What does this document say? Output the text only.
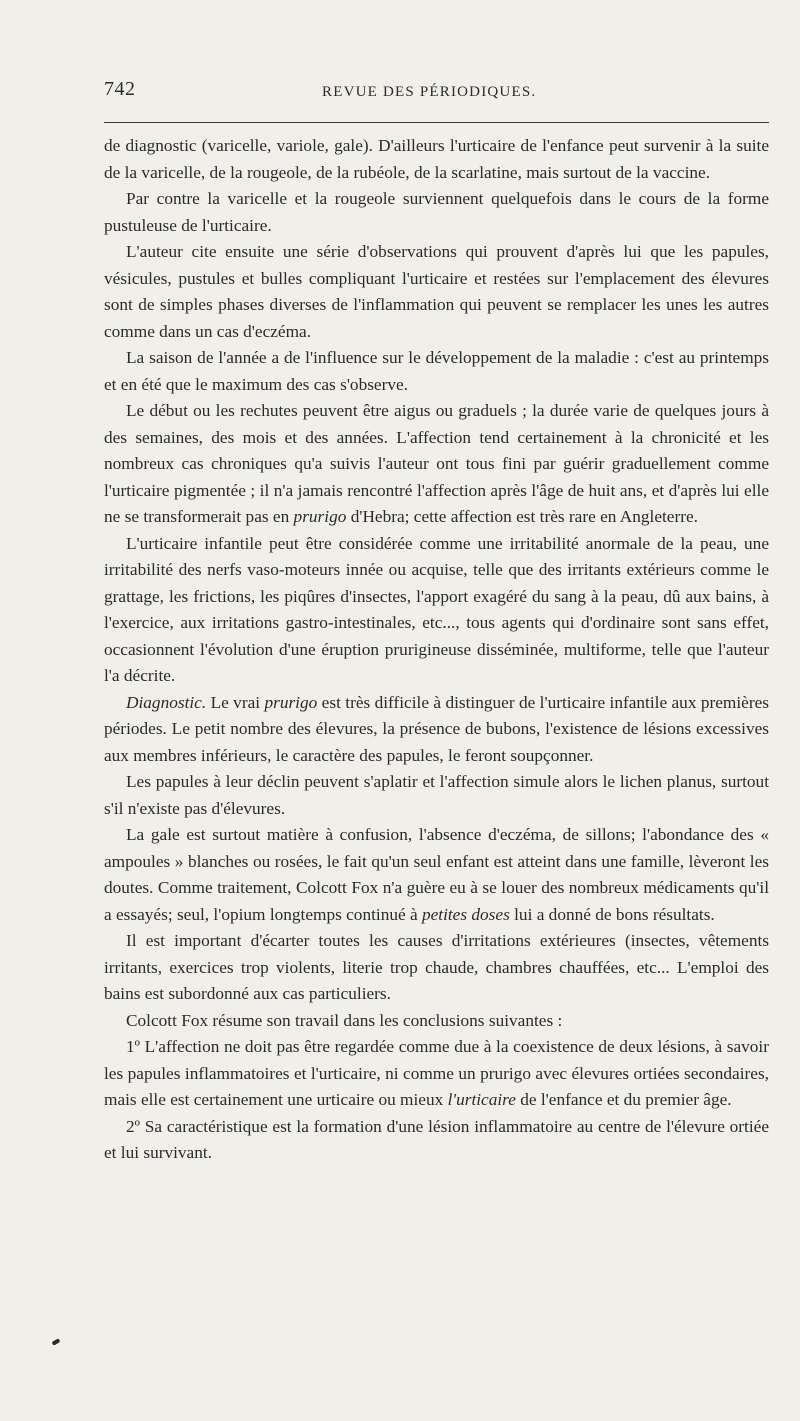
742	REVUE DES PÉRIODIQUES.

de diagnostic (varicelle, variole, gale). D'ailleurs l'urticaire de l'enfance peut survenir à la suite de la varicelle, de la rougeole, de la rubéole, de la scarlatine, mais surtout de la vaccine.

Par contre la varicelle et la rougeole surviennent quelquefois dans le cours de la forme pustuleuse de l'urticaire.

L'auteur cite ensuite une série d'observations qui prouvent d'après lui que les papules, vésicules, pustules et bulles compliquant l'urticaire et restées sur l'emplacement des élevures sont de simples phases diverses de l'inflammation qui peuvent se remplacer les unes les autres comme dans un cas d'eczéma.

La saison de l'année a de l'influence sur le développement de la maladie : c'est au printemps et en été que le maximum des cas s'observe.

Le début ou les rechutes peuvent être aigus ou graduels ; la durée varie de quelques jours à des semaines, des mois et des années. L'affection tend certainement à la chronicité et les nombreux cas chroniques qu'a suivis l'auteur ont tous fini par guérir graduellement comme l'urticaire pigmentée ; il n'a jamais rencontré l'affection après l'âge de huit ans, et d'après lui elle ne se transformerait pas en prurigo d'Hebra; cette affection est très rare en Angleterre.

L'urticaire infantile peut être considérée comme une irritabilité anormale de la peau, une irritabilité des nerfs vaso-moteurs innée ou acquise, telle que des irritants extérieurs comme le grattage, les frictions, les piqûres d'insectes, l'apport exagéré du sang à la peau, dû aux bains, à l'exercice, aux irritations gastro-intestinales, etc..., tous agents qui d'ordinaire sont sans effet, occasionnent l'évolution d'une éruption prurigineuse disséminée, multiforme, telle que l'auteur l'a décrite.

Diagnostic. Le vrai prurigo est très difficile à distinguer de l'urticaire infantile aux premières périodes. Le petit nombre des élevures, la présence de bubons, l'existence de lésions excessives aux membres inférieurs, le caractère des papules, le feront soupçonner.

Les papules à leur déclin peuvent s'aplatir et l'affection simule alors le lichen planus, surtout s'il n'existe pas d'élevures.

La gale est surtout matière à confusion, l'absence d'eczéma, de sillons; l'abondance des « ampoules » blanches ou rosées, le fait qu'un seul enfant est atteint dans une famille, lèveront les doutes. Comme traitement, Colcott Fox n'a guère eu à se louer des nombreux médicaments qu'il a essayés; seul, l'opium longtemps continué à petites doses lui a donné de bons résultats.

Il est important d'écarter toutes les causes d'irritations extérieures (insectes, vêtements irritants, exercices trop violents, literie trop chaude, chambres chauffées, etc... L'emploi des bains est subordonné aux cas particuliers.

Colcott Fox résume son travail dans les conclusions suivantes :

1º L'affection ne doit pas être regardée comme due à la coexistence de deux lésions, à savoir les papules inflammatoires et l'urticaire, ni comme un prurigo avec élevures ortiées secondaires, mais elle est certainement une urticaire ou mieux l'urticaire de l'enfance et du premier âge.

2º Sa caractéristique est la formation d'une lésion inflammatoire au centre de l'élevure ortiée et lui survivant.
